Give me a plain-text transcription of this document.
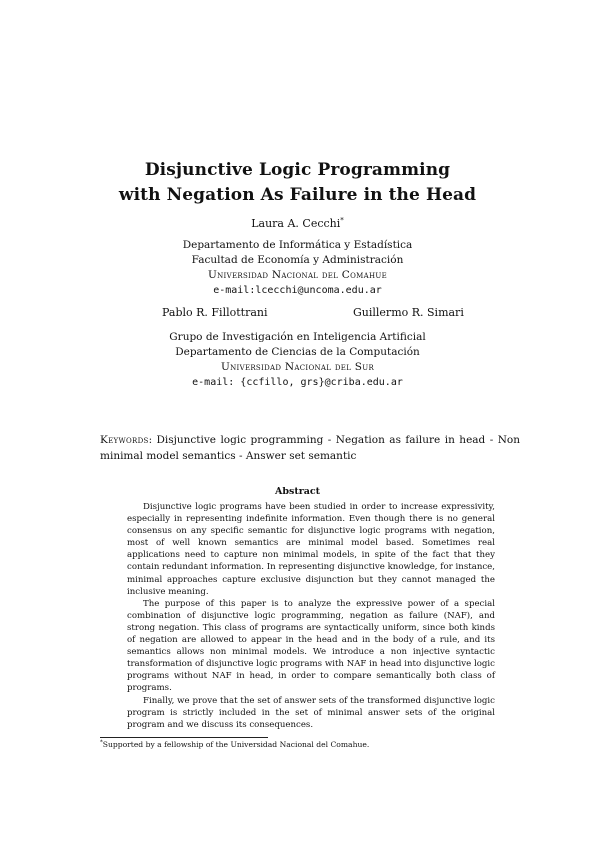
Disjunctive Logic Programming
with Negation As Failure in the Head
Laura A. Cecchi*
Departamento de Informática y Estadística
Facultad de Economía y Administración
Universidad Nacional del Comahue
e-mail:lcecchi@uncoma.edu.ar
Pablo R. Fillottrani	Guillermo R. Simari
Grupo de Investigación en Inteligencia Artificial
Departamento de Ciencias de la Computación
Universidad Nacional del Sur
e-mail: {ccfillo, grs}@criba.edu.ar
Keywords: Disjunctive logic programming - Negation as failure in head - Non minimal model semantics - Answer set semantic
Abstract

Disjunctive logic programs have been studied in order to increase expressivity, especially in representing indefinite information. Even though there is no general consensus on any specific semantic for disjunctive logic programs with negation, most of well known semantics are minimal model based. Sometimes real applications need to capture non minimal models, in spite of the fact that they contain redundant information. In representing disjunctive knowledge, for instance, minimal approaches capture exclusive disjunction but they cannot managed the inclusive meaning.

The purpose of this paper is to analyze the expressive power of a special combination of disjunctive logic programming, negation as failure (NAF), and strong negation. This class of programs are syntactically uniform, since both kinds of negation are allowed to appear in the head and in the body of a rule, and its semantics allows non minimal models. We introduce a non injective syntactic transformation of disjunctive logic programs with NAF in head into disjunctive logic programs without NAF in head, in order to compare semantically both class of programs.

Finally, we prove that the set of answer sets of the transformed disjunctive logic program is strictly included in the set of minimal answer sets of the original program and we discuss its consequences.

*Supported by a fellowship of the Universidad Nacional del Comahue.
